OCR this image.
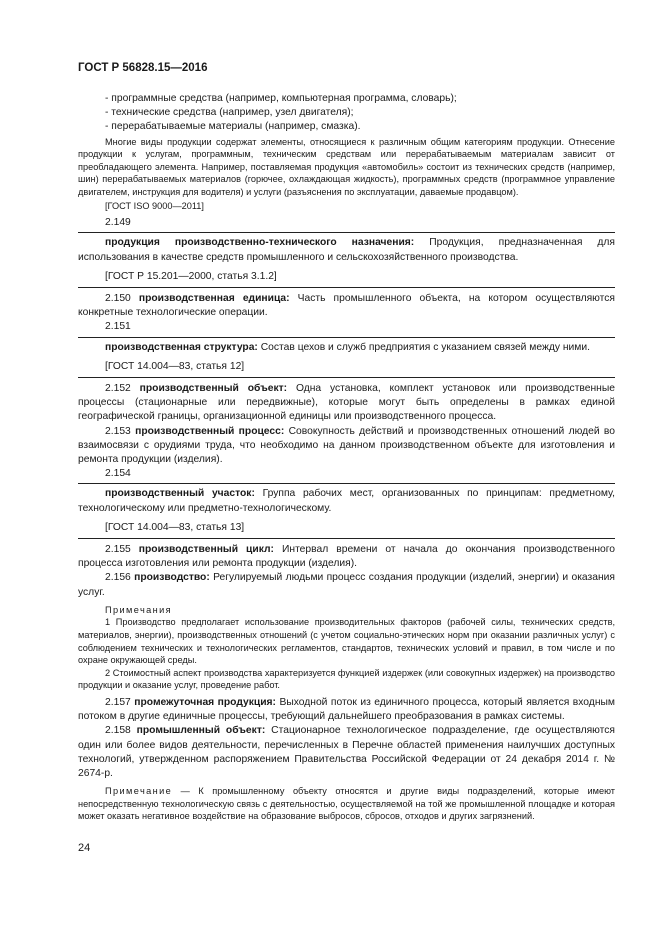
ГОСТ Р 56828.15—2016

- программные средства (например, компьютерная программа, словарь);

- технические средства (например, узел двигателя);

- перерабатываемые материалы (например, смазка).

Многие виды продукции содержат элементы, относящиеся к различным общим категориям продукции. Отнесение продукции к услугам, программным, техническим средствам или перерабатываемым материалам зависит от преобладающего элемента. Например, поставляемая продукция «автомобиль» состоит из технических средств (например, шин) перерабатываемых материалов (горючее, охлаждающая жидкость), программных средств (программное управление двигателем, инструкция для водителя) и услуги (разъяснения по эксплуатации, даваемые продавцом).

[ГОСТ ISO 9000—2011]

2.149

продукция производственно-технического назначения: Продукция, предназначенная для использования в качестве средств промышленного и сельскохозяйственного производства.

[ГОСТ Р 15.201—2000, статья 3.1.2]

2.150 производственная единица: Часть промышленного объекта, на котором осуществляются конкретные технологические операции.

2.151

производственная структура: Состав цехов и служб предприятия с указанием связей между ними.

[ГОСТ 14.004—83, статья 12]

2.152 производственный объект: Одна установка, комплект установок или производственные процессы (стационарные или передвижные), которые могут быть определены в рамках единой географической границы, организационной единицы или производственного процесса.

2.153 производственный процесс: Совокупность действий и производственных отношений людей во взаимосвязи с орудиями труда, что необходимо на данном производственном объекте для изготовления и ремонта продукции (изделия).

2.154

производственный участок: Группа рабочих мест, организованных по принципам: предметному, технологическому или предметно-технологическому.

[ГОСТ 14.004—83, статья 13]

2.155 производственный цикл: Интервал времени от начала до окончания производственного процесса изготовления или ремонта продукции (изделия).

2.156 производство: Регулируемый людьми процесс создания продукции (изделий, энергии) и оказания услуг.

Примечания

1 Производство предполагает использование производительных факторов (рабочей силы, технических средств, материалов, энергии), производственных отношений (с учетом социально-этических норм при оказании различных услуг) с соблюдением технических и технологических регламентов, стандартов, технических условий и правил, в том числе и по охране окружающей среды.

2 Стоимостный аспект производства характеризуется функцией издержек (или совокупных издержек) на производство продукции и оказание услуг, проведение работ.

2.157 промежуточная продукция: Выходной поток из единичного процесса, который является входным потоком в другие единичные процессы, требующий дальнейшего преобразования в рамках системы.

2.158 промышленный объект: Стационарное технологическое подразделение, где осуществляются один или более видов деятельности, перечисленных в Перечне областей применения наилучших доступных технологий, утвержденном распоряжением Правительства Российской Федерации от 24 декабря 2014 г. № 2674-р.

Примечание — К промышленному объекту относятся и другие виды подразделений, которые имеют непосредственную технологическую связь с деятельностью, осуществляемой на той же промышленной площадке и которая может оказать негативное воздействие на образование выбросов, сбросов, отходов и других загрязнений.

24
